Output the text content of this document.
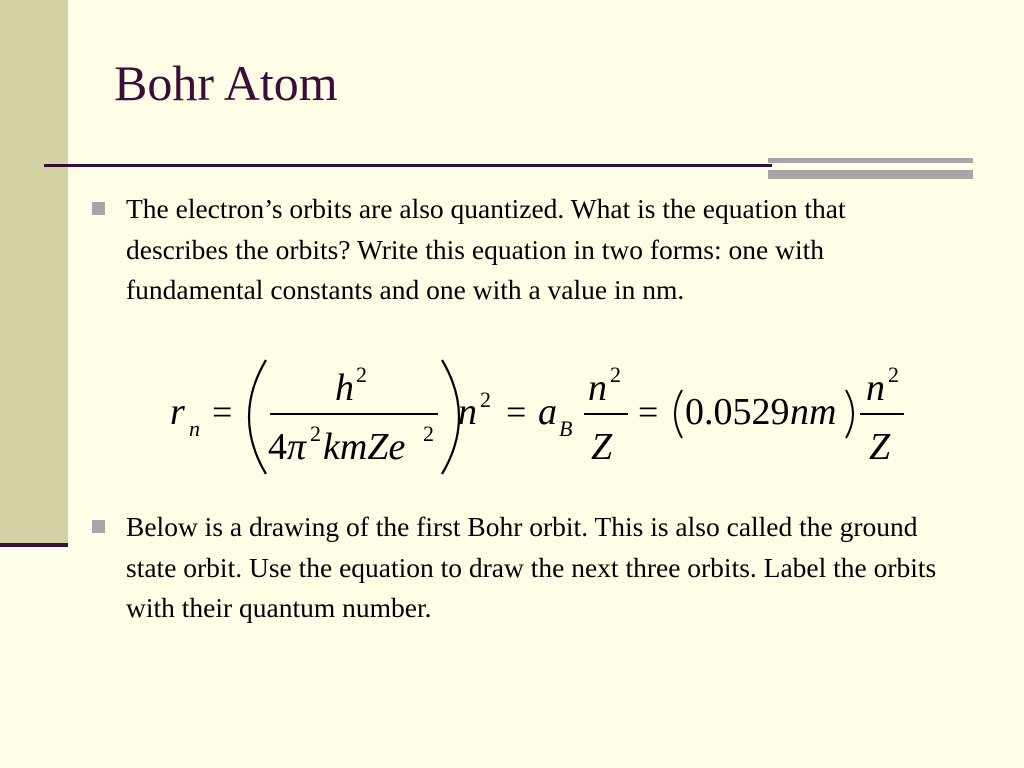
Bohr Atom
The electron’s orbits are also quantized. What is the equation that describes the orbits? Write this equation in two forms: one with fundamental constants and one with a value in nm.
r n =
h 2
4 π 2 kmZe 2
n 2 = a B
n 2
Z
= 0.0529 nm
n 2
Z
Below is a drawing of the first Bohr orbit. This is also called the ground state orbit. Use the equation to draw the next three orbits. Label the orbits with their quantum number.
